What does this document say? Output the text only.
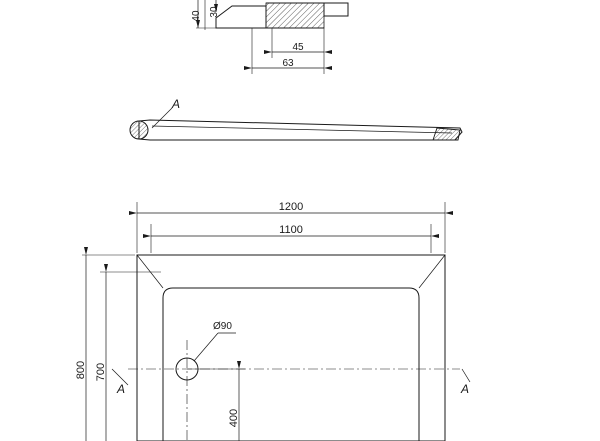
40 30
45
63
A
Ø90
A	A
1200
1100
800 700
400
